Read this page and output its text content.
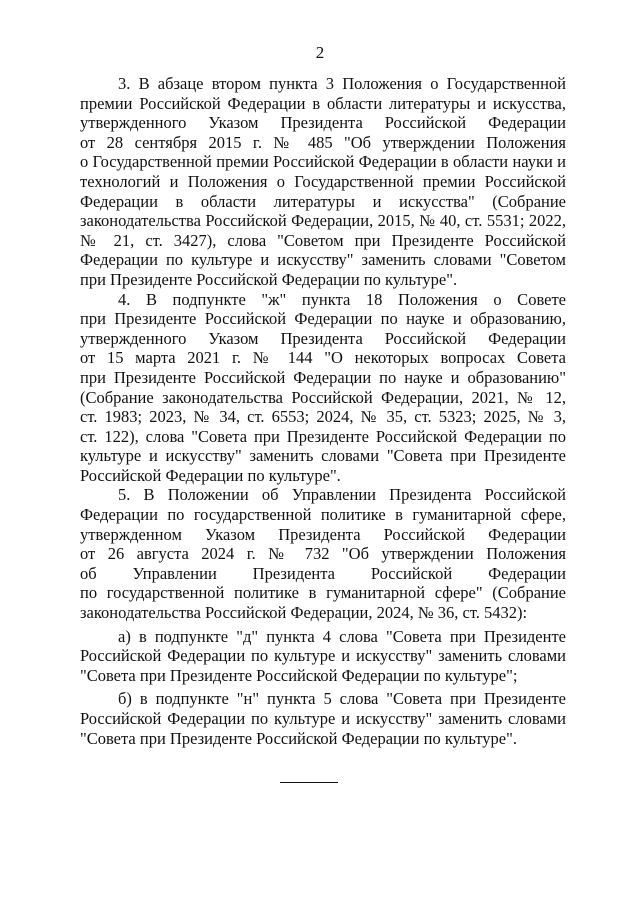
2
3. В абзаце втором пункта 3 Положения о Государственной
премии Российской Федерации в области литературы и искусства,
утвержденного Указом Президента Российской Федерации
от 28 сентября 2015 г. № 485 "Об утверждении Положения
о Государственной премии Российской Федерации в области науки и
технологий и Положения о Государственной премии Российской
Федерации в области литературы и искусства" (Собрание
законодательства Российской Федерации, 2015, № 40, ст. 5531; 2022,
№ 21, ст. 3427), слова "Советом при Президенте Российской
Федерации по культуре и искусству" заменить словами "Советом
при Президенте Российской Федерации по культуре".
4. В подпункте "ж" пункта 18 Положения о Совете
при Президенте Российской Федерации по науке и образованию,
утвержденного Указом Президента Российской Федерации
от 15 марта 2021 г. № 144 "О некоторых вопросах Совета
при Президенте Российской Федерации по науке и образованию"
(Собрание законодательства Российской Федерации, 2021, № 12,
ст. 1983; 2023, № 34, ст. 6553; 2024, № 35, ст. 5323; 2025, № 3,
ст. 122), слова "Совета при Президенте Российской Федерации по
культуре и искусству" заменить словами "Совета при Президенте
Российской Федерации по культуре".
5. В Положении об Управлении Президента Российской
Федерации по государственной политике в гуманитарной сфере,
утвержденном Указом Президента Российской Федерации
от 26 августа 2024 г. № 732 "Об утверждении Положения
об Управлении Президента Российской Федерации
по государственной политике в гуманитарной сфере" (Собрание
законодательства Российской Федерации, 2024, № 36, ст. 5432):
а) в подпункте "д" пункта 4 слова "Совета при Президенте
Российской Федерации по культуре и искусству" заменить словами
"Совета при Президенте Российской Федерации по культуре";
б) в подпункте "н" пункта 5 слова "Совета при Президенте
Российской Федерации по культуре и искусству" заменить словами
"Совета при Президенте Российской Федерации по культуре".
